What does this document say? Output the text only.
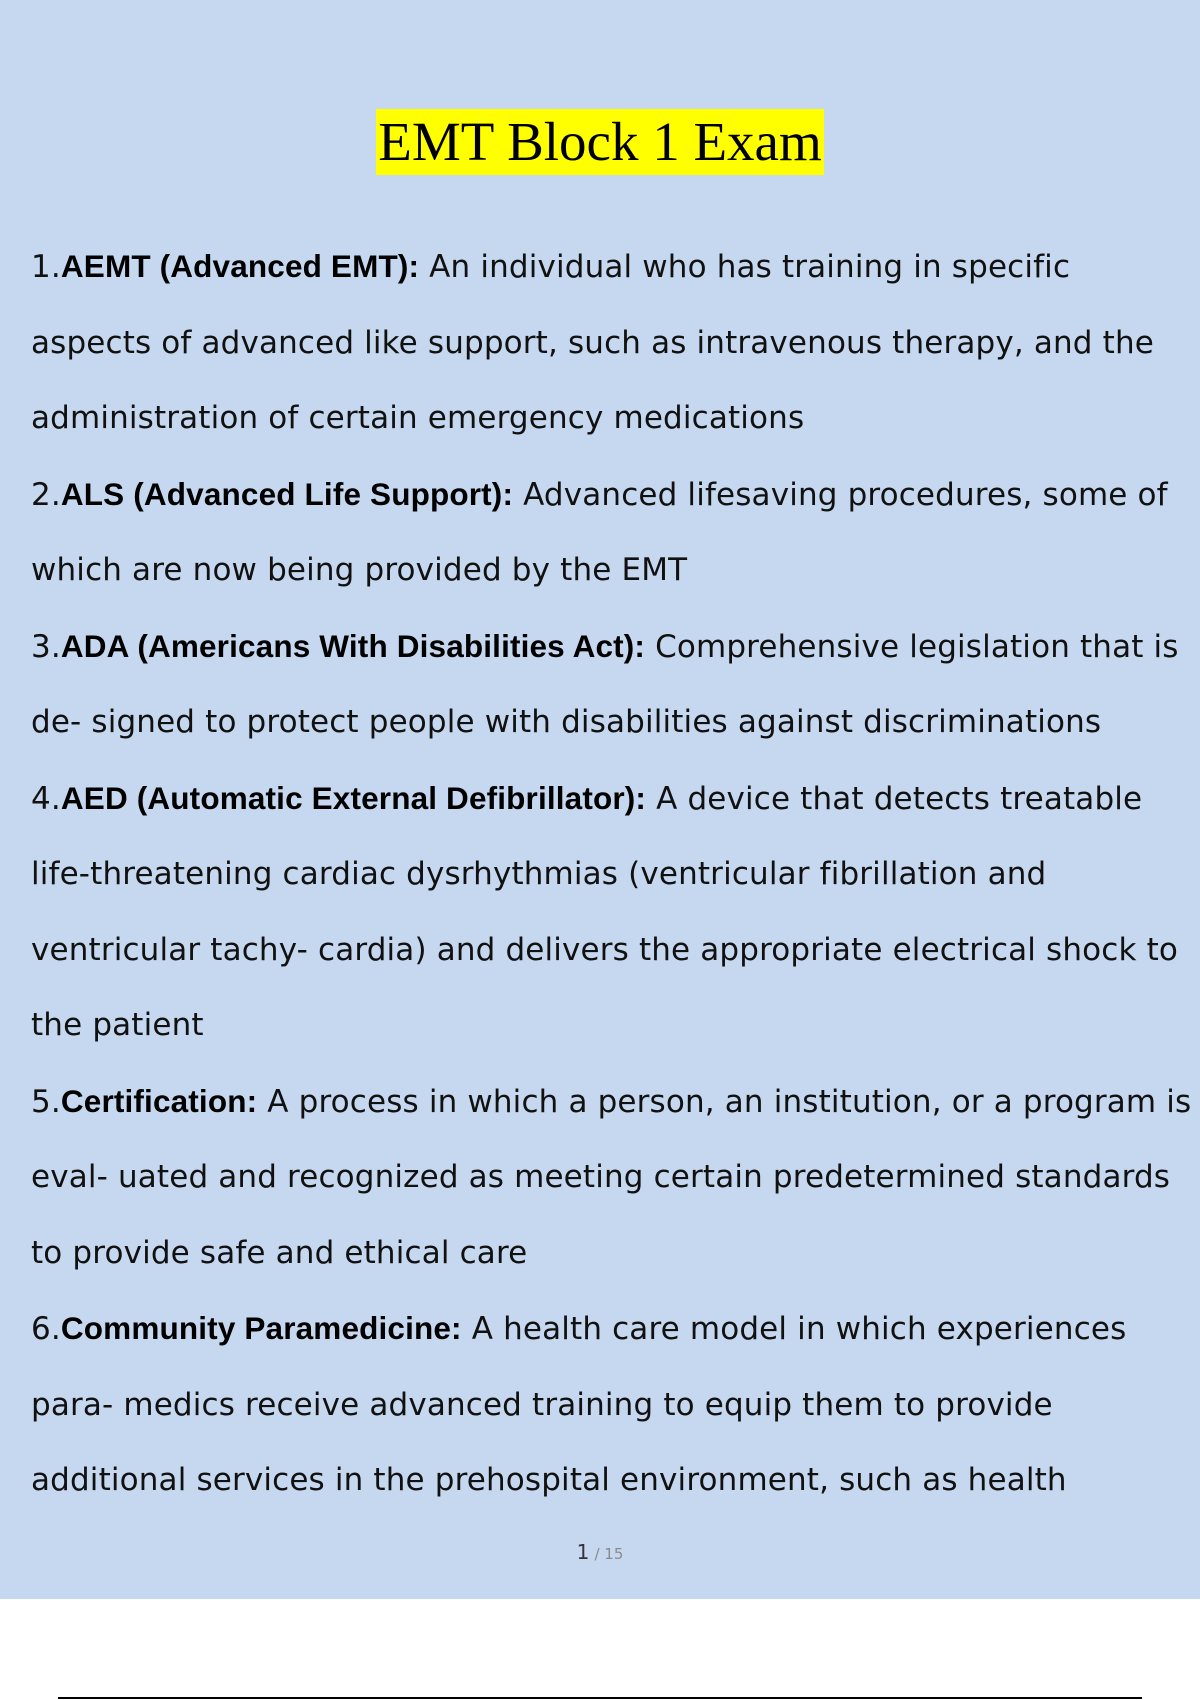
EMT Block 1 Exam

1.AEMT (Advanced EMT): An individual who has training in specific aspects of advanced like support, such as intravenous therapy, and the administration of certain emergency medications

2.ALS (Advanced Life Support): Advanced lifesaving procedures, some of which are now being provided by the EMT

3.ADA (Americans With Disabilities Act): Comprehensive legislation that is de- signed to protect people with disabilities against discriminations

4.AED (Automatic External Defibrillator): A device that detects treatable life-threatening cardiac dysrhythmias (ventricular fibrillation and ventricular tachy- cardia) and delivers the appropriate electrical shock to the patient

5.Certification: A process in which a person, an institution, or a program is eval- uated and recognized as meeting certain predetermined standards to provide safe and ethical care

6.Community Paramedicine: A health care model in which experiences para- medics receive advanced training to equip them to provide additional services in the prehospital environment, such as health

1 / 15
